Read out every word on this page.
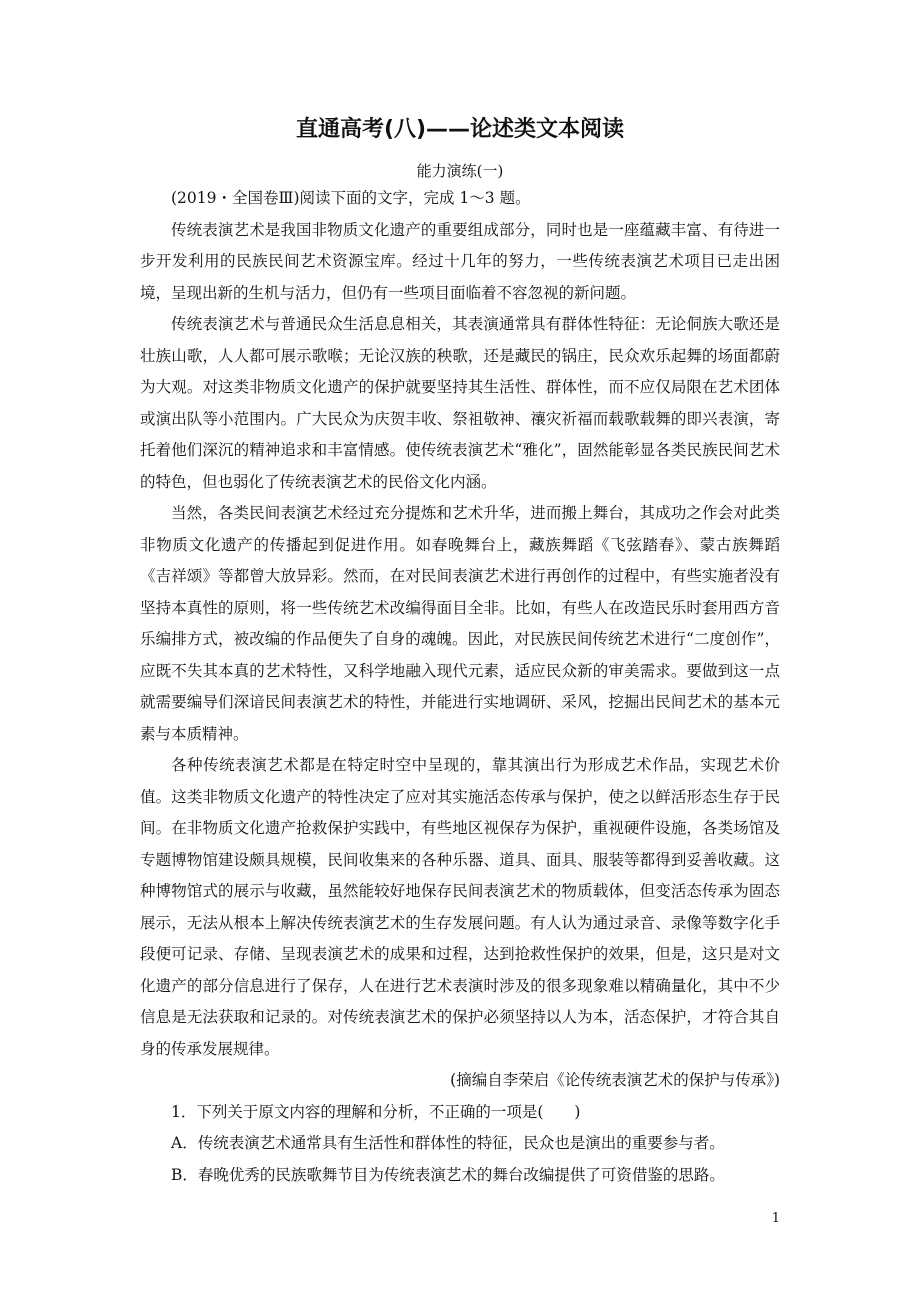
直通高考(八)——论述类文本阅读
能力演练(一)

(2019・全国卷Ⅲ)阅读下面的文字，完成 1～3 题。

传统表演艺术是我国非物质文化遗产的重要组成部分，同时也是一座蕴藏丰富、有待进一步开发利用的民族民间艺术资源宝库。经过十几年的努力，一些传统表演艺术项目已走出困境，呈现出新的生机与活力，但仍有一些项目面临着不容忽视的新问题。

传统表演艺术与普通民众生活息息相关，其表演通常具有群体性特征：无论侗族大歌还是壮族山歌，人人都可展示歌喉；无论汉族的秧歌，还是藏民的锅庄，民众欢乐起舞的场面都蔚为大观。对这类非物质文化遗产的保护就要坚持其生活性、群体性，而不应仅局限在艺术团体或演出队等小范围内。广大民众为庆贺丰收、祭祖敬神、禳灾祈福而载歌载舞的即兴表演，寄托着他们深沉的精神追求和丰富情感。使传统表演艺术“雅化”，固然能彰显各类民族民间艺术的特色，但也弱化了传统表演艺术的民俗文化内涵。

当然，各类民间表演艺术经过充分提炼和艺术升华，进而搬上舞台，其成功之作会对此类非物质文化遗产的传播起到促进作用。如春晚舞台上，藏族舞蹈《飞弦踏春》、蒙古族舞蹈《吉祥颂》等都曾大放异彩。然而，在对民间表演艺术进行再创作的过程中，有些实施者没有坚持本真性的原则，将一些传统艺术改编得面目全非。比如，有些人在改造民乐时套用西方音乐编排方式，被改编的作品便失了自身的魂魄。因此，对民族民间传统艺术进行“二度创作”，应既不失其本真的艺术特性，又科学地融入现代元素，适应民众新的审美需求。要做到这一点就需要编导们深谙民间表演艺术的特性，并能进行实地调研、采风，挖掘出民间艺术的基本元素与本质精神。

各种传统表演艺术都是在特定时空中呈现的，靠其演出行为形成艺术作品，实现艺术价值。这类非物质文化遗产的特性决定了应对其实施活态传承与保护，使之以鲜活形态生存于民间。在非物质文化遗产抢救保护实践中，有些地区视保存为保护，重视硬件设施，各类场馆及专题博物馆建设颇具规模，民间收集来的各种乐器、道具、面具、服装等都得到妥善收藏。这种博物馆式的展示与收藏，虽然能较好地保存民间表演艺术的物质载体，但变活态传承为固态展示，无法从根本上解决传统表演艺术的生存发展问题。有人认为通过录音、录像等数字化手段便可记录、存储、呈现表演艺术的成果和过程，达到抢救性保护的效果，但是，这只是对文化遗产的部分信息进行了保存，人在进行艺术表演时涉及的很多现象难以精确量化，其中不少信息是无法获取和记录的。对传统表演艺术的保护必须坚持以人为本，活态保护，才符合其自身的传承发展规律。

(摘编自李荣启《论传统表演艺术的保护与传承》)

1．下列关于原文内容的理解和分析，不正确的一项是(　　)

A．传统表演艺术通常具有生活性和群体性的特征，民众也是演出的重要参与者。

B．春晚优秀的民族歌舞节目为传统表演艺术的舞台改编提供了可资借鉴的思路。

1
